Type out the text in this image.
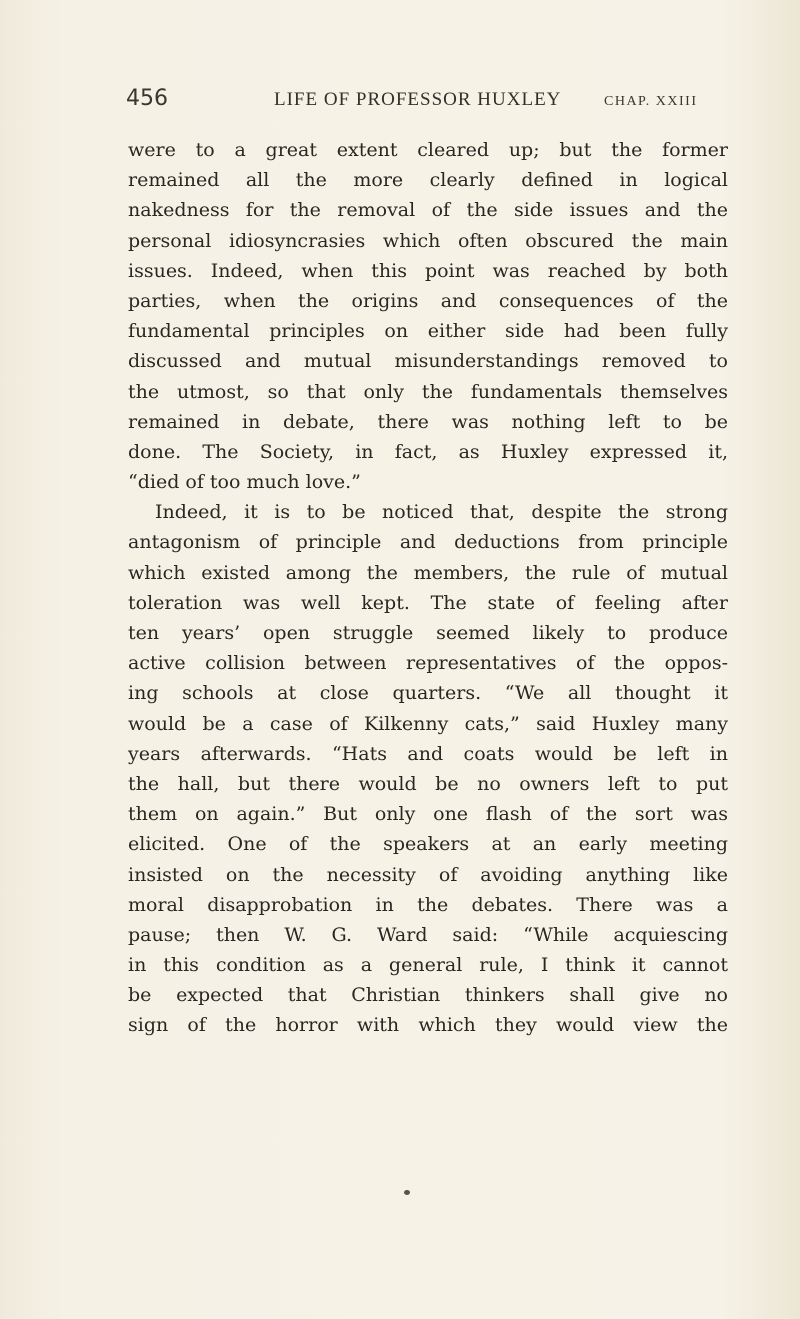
456	LIFE OF PROFESSOR HUXLEY	CHAP. XXIII
were to a great extent cleared up; but the former
remained all the more clearly defined in logical
nakedness for the removal of the side issues and the
personal idiosyncrasies which often obscured the main
issues. Indeed, when this point was reached by both
parties, when the origins and consequences of the
fundamental principles on either side had been fully
discussed and mutual misunderstandings removed to
the utmost, so that only the fundamentals themselves
remained in debate, there was nothing left to be
done. The Society, in fact, as Huxley expressed it,
“died of too much love.”
Indeed, it is to be noticed that, despite the strong
antagonism of principle and deductions from principle
which existed among the members, the rule of mutual
toleration was well kept. The state of feeling after
ten years’ open struggle seemed likely to produce
active collision between representatives of the oppos-
ing schools at close quarters. “We all thought it
would be a case of Kilkenny cats,” said Huxley many
years afterwards. “Hats and coats would be left in
the hall, but there would be no owners left to put
them on again.” But only one flash of the sort was
elicited. One of the speakers at an early meeting
insisted on the necessity of avoiding anything like
moral disapprobation in the debates. There was a
pause; then W. G. Ward said: “While acquiescing
in this condition as a general rule, I think it cannot
be expected that Christian thinkers shall give no
sign of the horror with which they would view the
